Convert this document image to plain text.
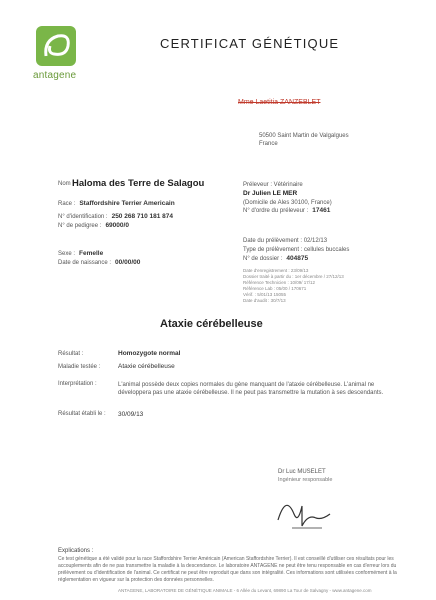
antagene
CERTIFICAT GÉNÉTIQUE
Mme Laetitia ZANZEBLET
50500 Saint Martin de Valgalgues
France
Nom :
Haloma des Terre de Salagou
Race : Staffordshire Terrier Americain
N° d'identification : 250 268 710 181 874
N° de pedigree : 69000/0
Sexe : Femelle
Date de naissance : 00/00/00
Préleveur : Vétérinaire
Dr Julien LE MER
(Domicile de Ales 30100, France)
N° d'ordre du préleveur : 17461
Date du prélèvement : 02/12/13
Type de prélèvement : cellules buccales
N° de dossier : 404875
Date d'enregistrement : 23/09/13
Dossier traité à partir du : 1er décembre / 27/12/13
Référence Technicien : 10/09/ 17/12
Référence Lab : 05/00 / 170671
Vérif. : 5/01/13 15055
Date d'audit : 30/7/13
Ataxie cérébelleuse
Résultat :	Homozygote normal
Maladie testée :	Ataxie cérébelleuse
Interprétation :	L'animal possède deux copies normales du gène manquant de l'ataxie cérébelleuse. L'animal ne développera pas une ataxie cérébelleuse. Il ne peut pas transmettre la mutation à ses descendants.
Résultat établi le : 30/09/13
Dr Luc MUSELET
Ingénieur responsable
Explications :
Ce test génétique a été validé pour la race Staffordshire Terrier Américain (American Staffordshire Terrier). Il est conseillé d'utiliser ces résultats pour les accouplements afin de ne pas transmettre la maladie à la descendance. Le laboratoire ANTAGENE ne peut être tenu responsable en cas d'erreur lors du prélèvement ou d'identification de l'animal. Ce certificat ne peut être reproduit que dans son intégralité. Ces informations sont utilisées conformément à la réglementation en vigueur sur la protection des données personnelles.
ANTAGENE, LABORATOIRE DE GÉNÉTIQUE ANIMALE - 6 Allée du Levant, 69890 La Tour de Salvagny - www.antagene.com
